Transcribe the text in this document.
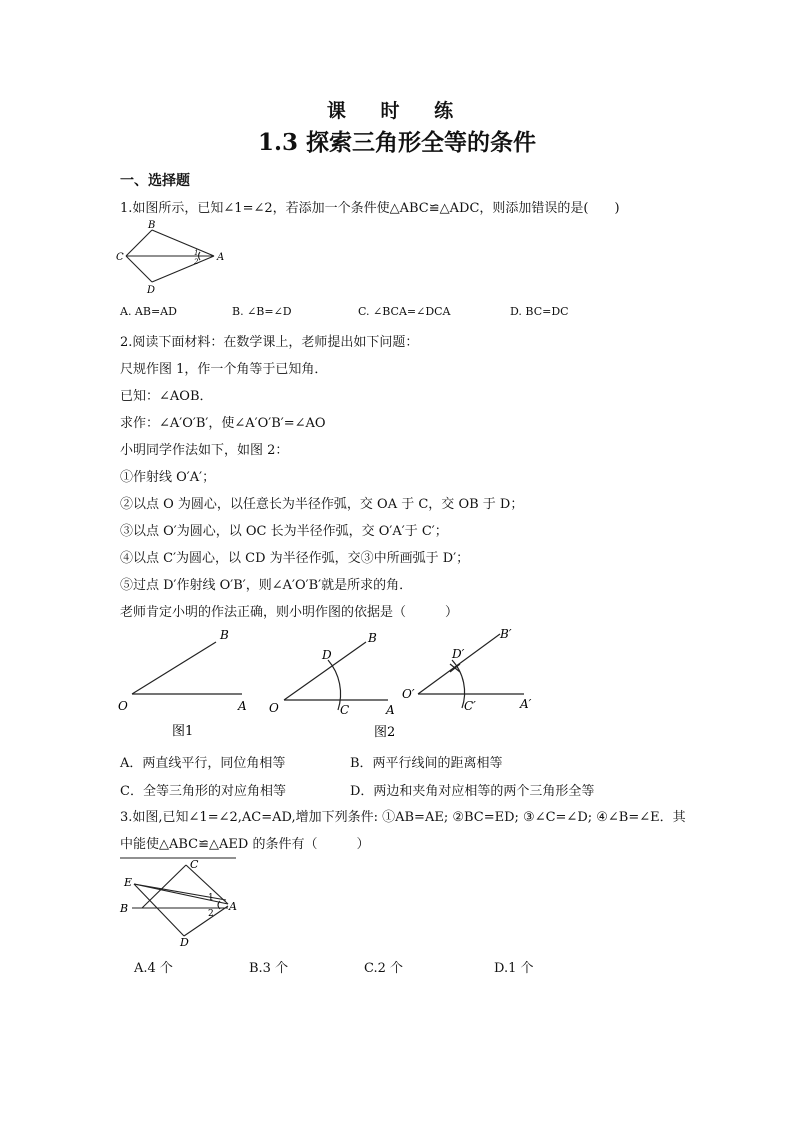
课 时 练
1.3 探索三角形全等的条件
一、选择题
1.如图所示，已知∠1=∠2，若添加一个条件使△ABC≌△ADC，则添加错误的是(　　)
B
C	A
D
1
2
A. AB=AD	B. ∠B=∠D	C. ∠BCA=∠DCA	D. BC=DC
2.阅读下面材料：在数学课上，老师提出如下问题：
尺规作图 1，作一个角等于已知角．
已知：∠AOB．
求作：∠A′O′B′，使∠A′O′B′=∠AO
小明同学作法如下，如图 2：
①作射线 O′A′；
②以点 O 为圆心，以任意长为半径作弧，交 OA 于 C，交 OB 于 D；
③以点 O′为圆心，以 OC 长为半径作弧，交 O′A′于 C′；
④以点 C′为圆心，以 CD 为半径作弧，交③中所画弧于 D′；
⑤过点 D′作射线 O′B′，则∠A′O′B′就是所求的角．
老师肯定小明的作法正确，则小明作图的依据是（　　　）
B
O	A
图1
B
D
O	C	A
图2
B′
D′
O′
C′	A′
A．两直线平行，同位角相等	B．两平行线间的距离相等
C．全等三角形的对应角相等	D．两边和夹角对应相等的两个三角形全等
3.如图,已知∠1=∠2,AC=AD,增加下列条件: ①AB=AE; ②BC=ED; ③∠C=∠D; ④∠B=∠E．其
中能使△ABC≌△AED 的条件有（　　　）
C
E
1
B	2
A
D
A.4 个	B.3 个	C.2 个	D.1 个
